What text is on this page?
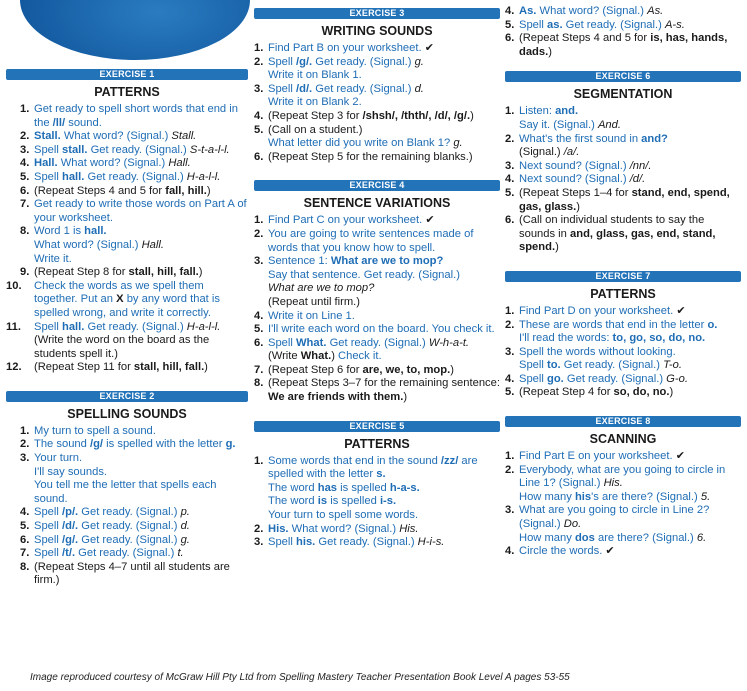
EXERCISE 1
PATTERNS
1. Get ready to spell short words that end in the /ll/ sound.
2. Stall. What word? (Signal.) Stall.
3. Spell stall. Get ready. (Signal.) S-t-a-l-l.
4. Hall. What word? (Signal.) Hall.
5. Spell hall. Get ready. (Signal.) H-a-l-l.
6. (Repeat Steps 4 and 5 for fall, hill.)
7. Get ready to write those words on Part A of your worksheet.
8. Word 1 is hall.
What word? (Signal.) Hall.
Write it.
9. (Repeat Step 8 for stall, hill, fall.)
10. Check the words as we spell them together. Put an X by any word that is spelled wrong, and write it correctly.
11. Spell hall. Get ready. (Signal.) H-a-l-l. (Write the word on the board as the students spell it.)
12. (Repeat Step 11 for stall, hill, fall.)
EXERCISE 2
SPELLING SOUNDS
1. My turn to spell a sound.
2. The sound /g/ is spelled with the letter g.
3. Your turn.
I'll say sounds.
You tell me the letter that spells each sound.
4. Spell /p/. Get ready. (Signal.) p.
5. Spell /d/. Get ready. (Signal.) d.
6. Spell /g/. Get ready. (Signal.) g.
7. Spell /t/. Get ready. (Signal.) t.
8. (Repeat Steps 4–7 until all students are firm.)
EXERCISE 3
WRITING SOUNDS
1. Find Part B on your worksheet. ✔
2. Spell /g/. Get ready. (Signal.) g.
Write it on Blank 1.
3. Spell /d/. Get ready. (Signal.) d.
Write it on Blank 2.
4. (Repeat Step 3 for /shsh/, /thth/, /d/, /g/.)
5. (Call on a student.)
What letter did you write on Blank 1? g.
6. (Repeat Step 5 for the remaining blanks.)
EXERCISE 4
SENTENCE VARIATIONS
1. Find Part C on your worksheet. ✔
2. You are going to write sentences made of words that you know how to spell.
3. Sentence 1: What are we to mop?
Say that sentence. Get ready. (Signal.)
What are we to mop?
(Repeat until firm.)
4. Write it on Line 1.
5. I'll write each word on the board. You check it.
6. Spell What. Get ready. (Signal.) W-h-a-t.
(Write What.) Check it.
7. (Repeat Step 6 for are, we, to, mop.)
8. (Repeat Steps 3–7 for the remaining sentence: We are friends with them.)
EXERCISE 5
PATTERNS
1. Some words that end in the sound /zz/ are spelled with the letter s.
The word has is spelled h-a-s.
The word is is spelled i-s.
Your turn to spell some words.
2. His. What word? (Signal.) His.
3. Spell his. Get ready. (Signal.) H-i-s.
4. As. What word? (Signal.) As.
5. Spell as. Get ready. (Signal.) A-s.
6. (Repeat Steps 4 and 5 for is, has, hands, dads.)
EXERCISE 6
SEGMENTATION
1. Listen: and.
Say it. (Signal.) And.
2. What's the first sound in and?
(Signal.) /a/.
3. Next sound? (Signal.) /nn/.
4. Next sound? (Signal.) /d/.
5. (Repeat Steps 1–4 for stand, end, spend, gas, glass.)
6. (Call on individual students to say the sounds in and, glass, gas, end, stand, spend.)
EXERCISE 7
PATTERNS
1. Find Part D on your worksheet. ✔
2. These are words that end in the letter o.
I'll read the words: to, go, so, do, no.
3. Spell the words without looking.
Spell to. Get ready. (Signal.) T-o.
4. Spell go. Get ready. (Signal.) G-o.
5. (Repeat Step 4 for so, do, no.)
EXERCISE 8
SCANNING
1. Find Part E on your worksheet. ✔
2. Everybody, what are you going to circle in Line 1? (Signal.) His.
How many his's are there? (Signal.) 5.
3. What are you going to circle in Line 2? (Signal.) Do.
How many dos are there? (Signal.) 6.
4. Circle the words. ✔
Image reproduced courtesy of McGraw Hill Pty Ltd from Spelling Mastery Teacher Presentation Book Level A pages 53-55
